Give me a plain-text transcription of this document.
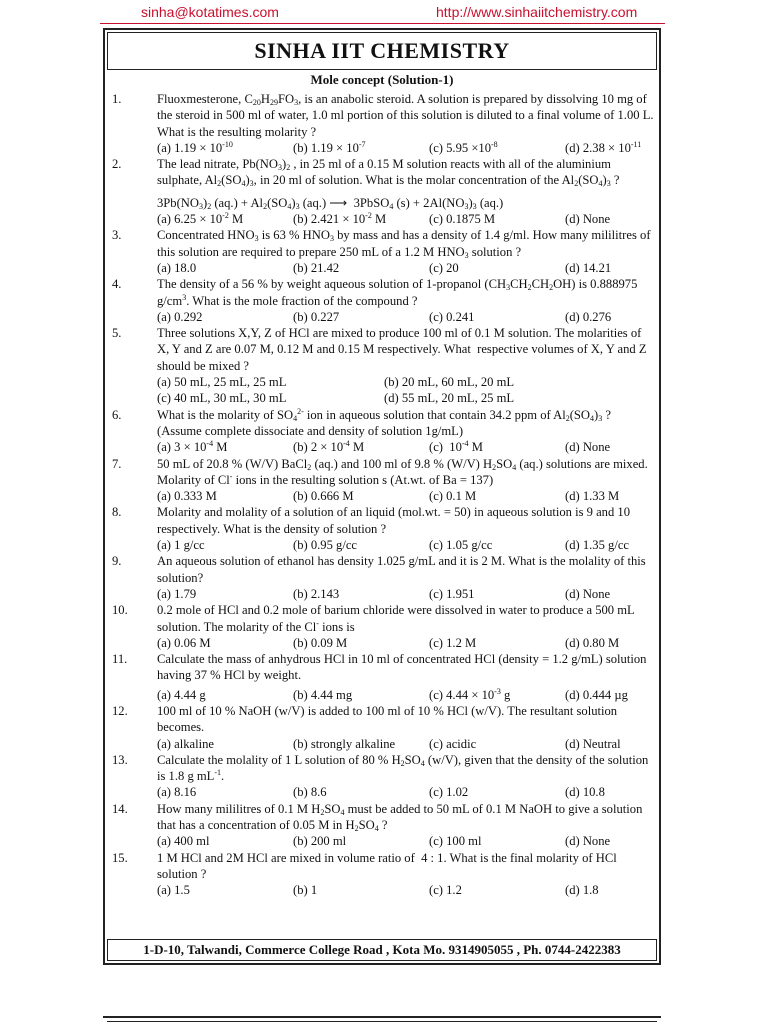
sinha@kotatimes.com	http://www.sinhaiitchemistry.com
SINHA IIT CHEMISTRY
Mole concept (Solution-1)
1.	Fluoxmesterone, $C_{20}H_{29}FO_3$, is an anabolic steroid. A solution is prepared by dissolving 10 mg of the steroid in 500 ml of water, 1.0 ml portion of this solution is diluted to a final volume of 1.00 L. What is the resulting molarity ?
(a) $1.19 \times 10^{-10}$	(b) $1.19 \times 10^{-7}$	(c) $5.95 \times 10^{-8}$	(d) $2.38 \times 10^{-11}$
2.	The lead nitrate, $Pb(NO_3)_2$ , in 25 ml of a 0.15 M solution reacts with all of the aluminium sulphate, $Al_2(SO_4)_3$, in 20 ml of solution. What is the molar concentration of the $Al_2(SO_4)_3$ ?
$3Pb(NO_3)_2$ $(aq.) + Al_2(SO_4)_3$ (aq.) ⟶  3PbSO$_4$ $(s) + 2Al(NO_3)_3$ (aq.)
(a) $6.25 \times 10^{-2}$ M	(b) $2.421 \times 10^{-2}$ M	(c) 0.1875 M	(d) None
3.	Concentrated $HNO_3$ is 63 % $HNO_3$ by mass and has a density of 1.4 g/ml. How many mililitres of this solution are required to prepare 250 mL of a 1.2 M $HNO_3$ solution ?
(a) 18.0	(b) 21.42	(c) 20	(d) 14.21
4.	The density of a 56 % by weight aqueous solution of 1-propanol $(CH_3CH_2CH_2OH)$ is 0.888975 $g/cm^3$. What is the mole fraction of the compound ?
(a) 0.292	(b) 0.227	(c) 0.241	(d) 0.276
5.	Three solutions X,Y, Z of HCl are mixed to produce 100 ml of 0.1 M solution. The molarities of X, Y and Z are 0.07 M, 0.12 M and 0.15 M respectively. What  respective volumes of X, Y and Z should be mixed ?
(a) 50 mL, 25 mL, 25 mL	(b) 20 mL, 60 mL, 20 mL
(c) 40 mL, 30 mL, 30 mL	(d) 55 mL, 20 mL, 25 mL
6.	What is the molarity of $SO_4^{2-}$ ion in aqueous solution that contain 34.2 ppm of $Al_2(SO_4)_3$ ? (Assume complete dissociate and density of solution 1g/mL)
(a) $3 \times 10^{-4}$ M	(b) $2 \times 10^{-4}$ M	(c)  $10^{-4}$ M	(d) None
7.	50 mL of 20.8 % (W/V) BaCl$_2$ (aq.) and 100 ml of 9.8 % (W/V) $H_2SO_4$ (aq.) solutions are mixed. Molarity of Cl- ions in the resulting solution s (At.wt. of Ba = 137)
(a) 0.333 M	(b) 0.666 M	(c) 0.1 M	(d) 1.33 M
8.	Molarity and molality of a solution of an liquid (mol.wt. = 50) in aqueous solution is 9 and 10 respectively. What is the density of solution ?
(a) 1 g/cc	(b) 0.95 g/cc	(c) 1.05 g/cc	(d) 1.35 g/cc
9.	An aqueous solution of ethanol has density 1.025 g/mL and it is 2 M. What is the molality of this solution?
(a) 1.79	(b) 2.143	(c) 1.951	(d) None
10. 0.2 mole of HCl and 0.2 mole of barium chloride were dissolved in water to produce a 500 mL solution. The molarity of the Cl- ions is
(a) 0.06 M	(b) 0.09 M	(c) 1.2 M	(d) 0.80 M
11. Calculate the mass of anhydrous HCl in 10 ml of concentrated HCl (density = 1.2 g/mL) solution having 37 % HCl by weight.
(a) 4.44 g	(b) 4.44 mg	(c) $4.44 \times 10^{-3}$ g	(d) 0.444 µg
12. 100 ml of 10 % NaOH (w/V) is added to 100 ml of 10 % HCl (w/V). The resultant solution becomes.
(a) alkaline	(b) strongly alkaline	(c) acidic	(d) Neutral
13. Calculate the molality of 1 L solution of 80 % $H_2SO_4$ (w/V), given that the density of the solution is 1.8 g $mL^{-1}$.
(a) 8.16	(b) 8.6	(c) 1.02	(d) 10.8
14. How many mililitres of 0.1 M $H_2SO_4$ must be added to 50 mL of 0.1 M NaOH to give a solution that has a concentration of 0.05 M in $H_2SO_4$ ?
(a) 400 ml	(b) 200 ml	(c) 100 ml	(d) None
15. 1 M HCl and 2M HCl are mixed in volume ratio of  4 : 1. What is the final molarity of HCl solution ?
(a) 1.5	(b) 1	(c) 1.2	(d) 1.8
1-D-10, Talwandi, Commerce College Road , Kota Mo. 9314905055 , Ph. 0744-2422383
